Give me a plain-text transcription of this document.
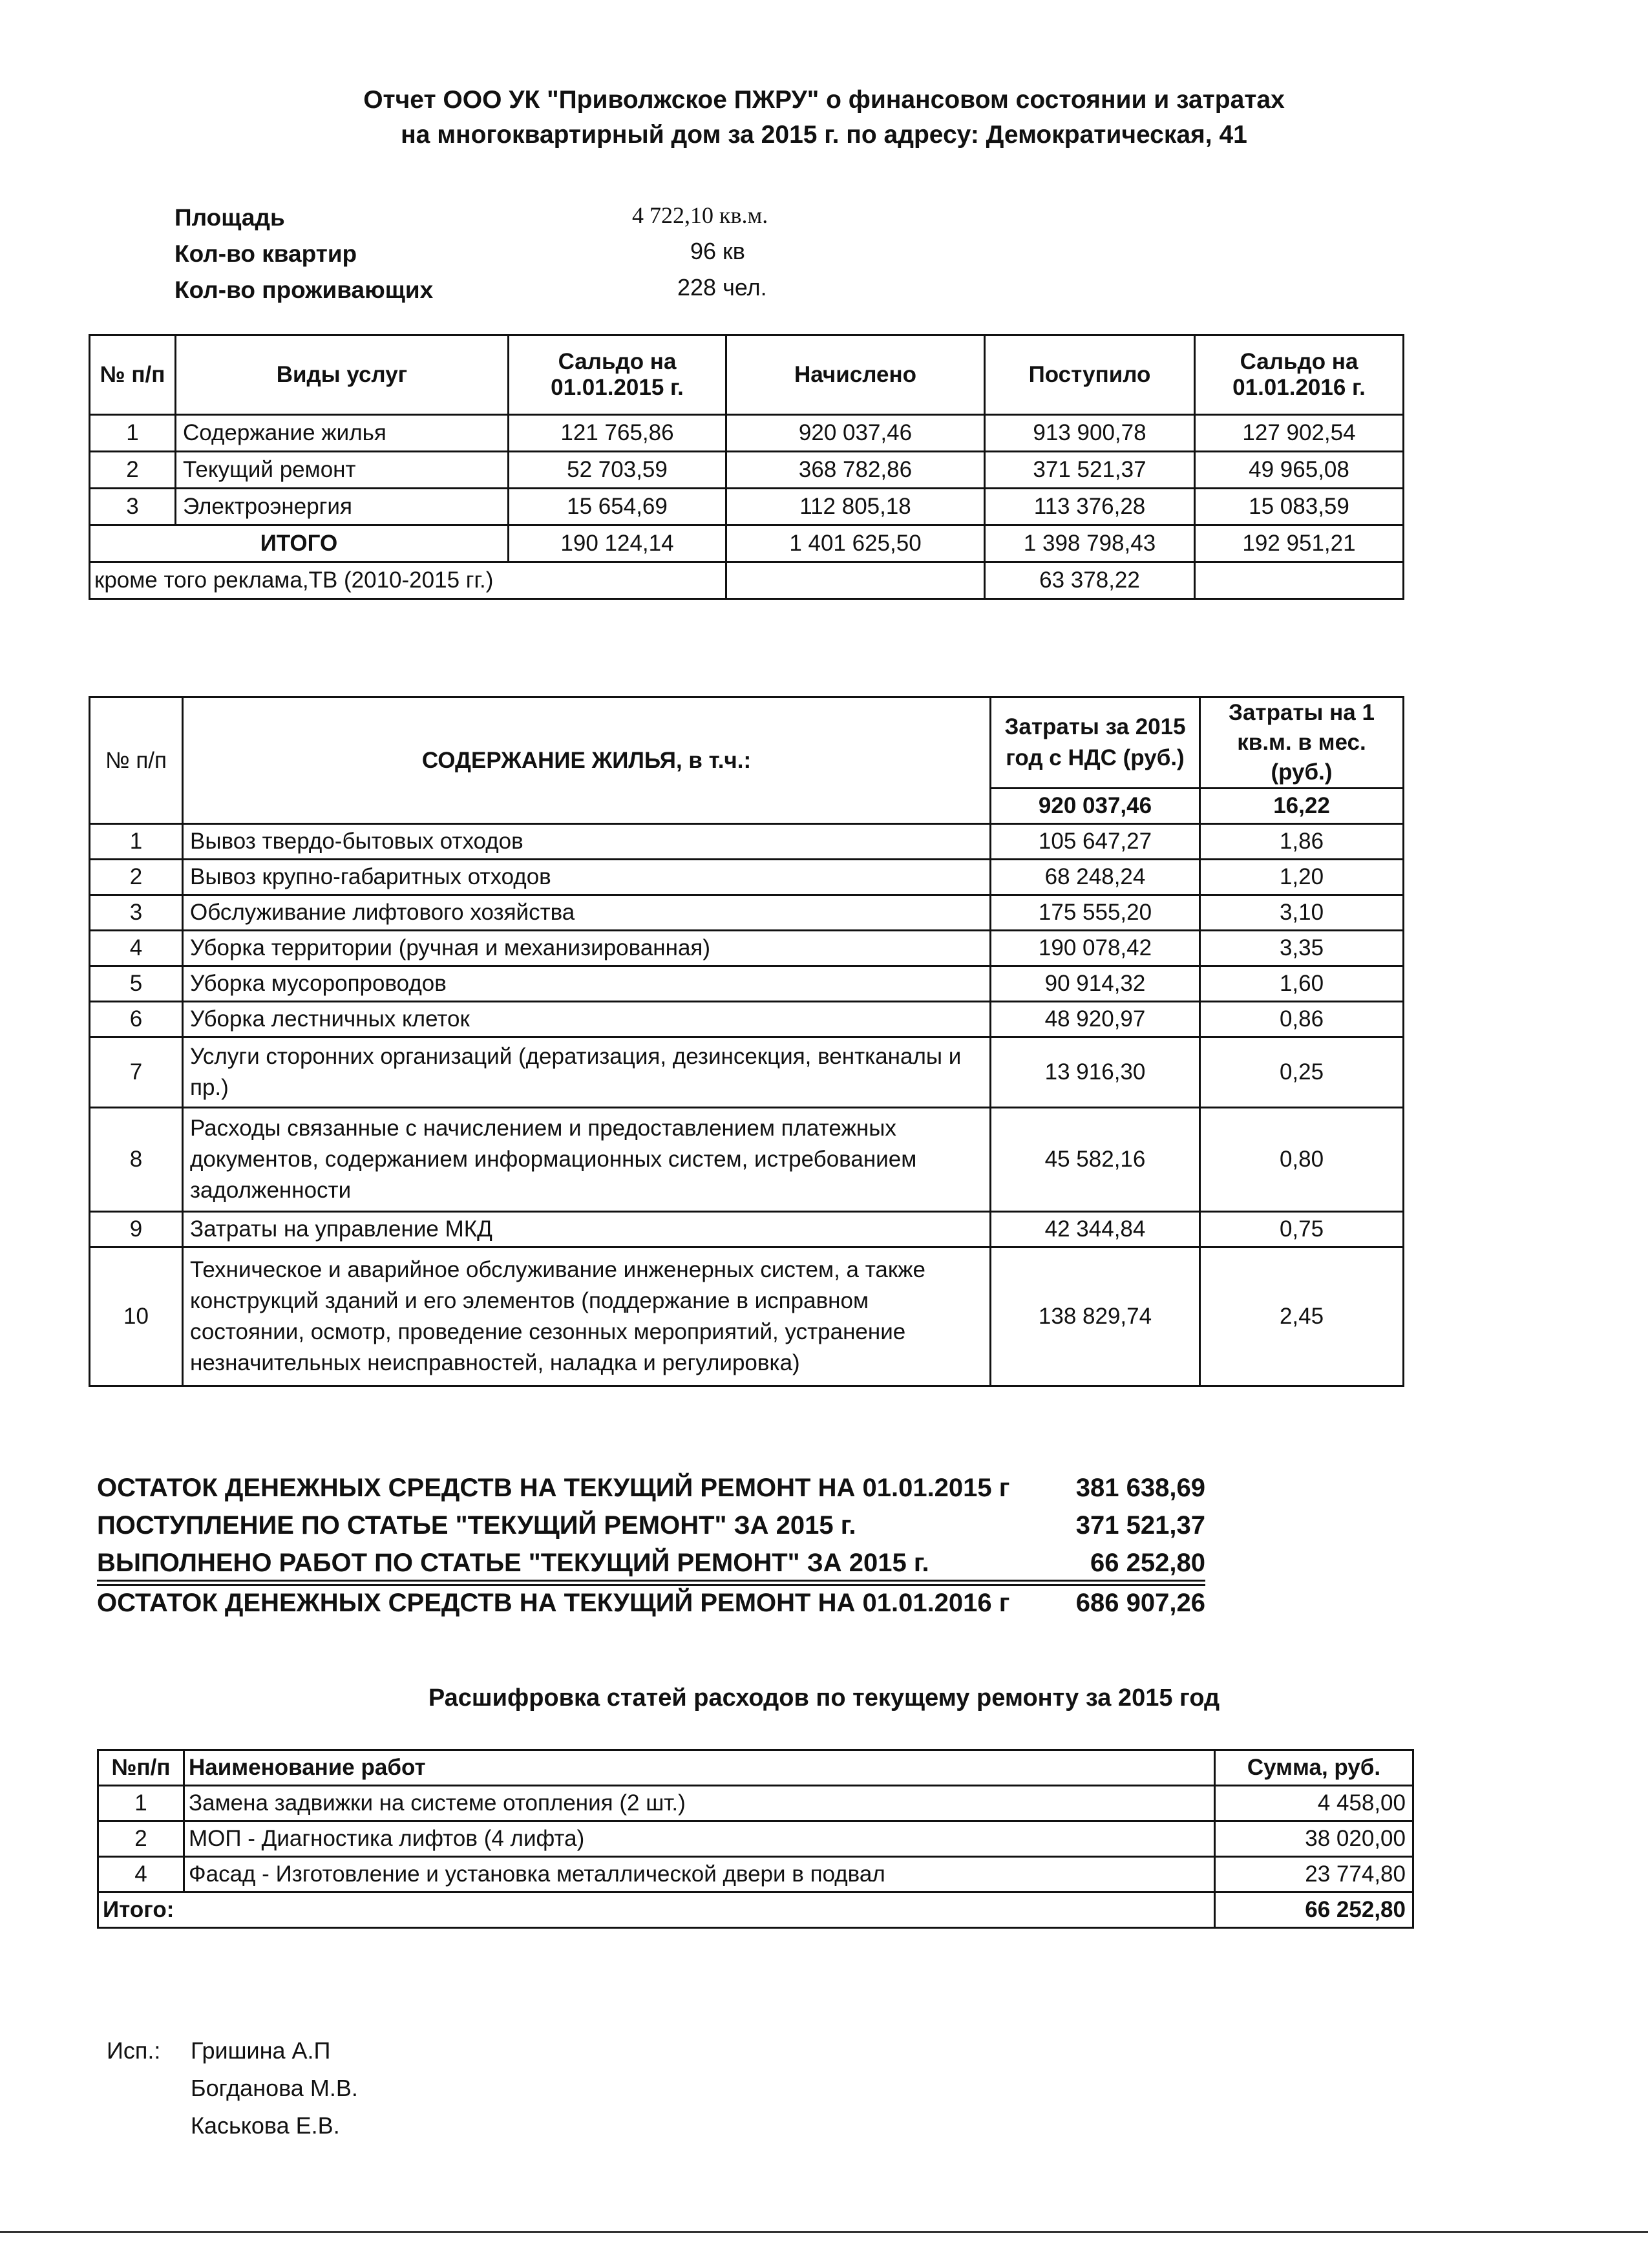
Отчет ООО УК "Приволжское ПЖРУ" о финансовом состоянии и затратах
на многоквартирный дом за 2015 г. по адресу: Демократическая, 41
Площадь	4 722,10 кв.м.
Кол-во квартир	96 кв
Кол-во проживающих	228 чел.
№ п/п	Виды услуг	Сальдо на 01.01.2015 г.	Начислено	Поступило	Сальдо на 01.01.2016 г.
1	Содержание жилья	121 765,86	920 037,46	913 900,78	127 902,54
2	Текущий ремонт	52 703,59	368 782,86	371 521,37	49 965,08
3	Электроэнергия	15 654,69	112 805,18	113 376,28	15 083,59
ИТОГО		190 124,14	1 401 625,50	1 398 798,43	192 951,21
кроме того реклама,ТВ (2010-2015 гг.)				63 378,22	
№ п/п	СОДЕРЖАНИЕ ЖИЛЬЯ, в т.ч.:	Затраты за 2015 год с НДС (руб.)	Затраты на 1 кв.м. в мес. (руб.)
		920 037,46	16,22
1	Вывоз твердо-бытовых отходов	105 647,27	1,86
2	Вывоз крупно-габаритных отходов	68 248,24	1,20
3	Обслуживание лифтового хозяйства	175 555,20	3,10
4	Уборка территории (ручная и механизированная)	190 078,42	3,35
5	Уборка мусоропроводов	90 914,32	1,60
6	Уборка лестничных клеток	48 920,97	0,86
7	Услуги сторонних организаций (дератизация, дезинсекция, вентканалы и пр.)	13 916,30	0,25
8	Расходы связанные с начислением и предоставлением платежных документов, содержанием информационных систем, истребованием задолженности	45 582,16	0,80
9	Затраты на управление МКД	42 344,84	0,75
10	Техническое и аварийное обслуживание инженерных систем, а также конструкций зданий и его элементов (поддержание в исправном состоянии, осмотр, проведение сезонных мероприятий, устранение незначительных неисправностей, наладка и регулировка)	138 829,74	2,45
ОСТАТОК ДЕНЕЖНЫХ СРЕДСТВ НА ТЕКУЩИЙ РЕМОНТ НА 01.01.2015 г	381 638,69
ПОСТУПЛЕНИЕ ПО СТАТЬЕ "ТЕКУЩИЙ РЕМОНТ" ЗА 2015 г.	371 521,37
ВЫПОЛНЕНО РАБОТ ПО СТАТЬЕ "ТЕКУЩИЙ РЕМОНТ" ЗА 2015 г.	66 252,80
ОСТАТОК ДЕНЕЖНЫХ СРЕДСТВ НА ТЕКУЩИЙ РЕМОНТ НА 01.01.2016 г	686 907,26
Расшифровка статей расходов по текущему ремонту за 2015 год
№п/п	Наименование работ	Сумма, руб.
1	Замена задвижки на системе отопления (2 шт.)	4 458,00
2	МОП - Диагностика лифтов (4 лифта)	38 020,00
4	Фасад - Изготовление и установка металлической двери в подвал	23 774,80
Итого:		66 252,80
Исп.: Гришина А.П
Богданова М.В.
Каськова Е.В.
